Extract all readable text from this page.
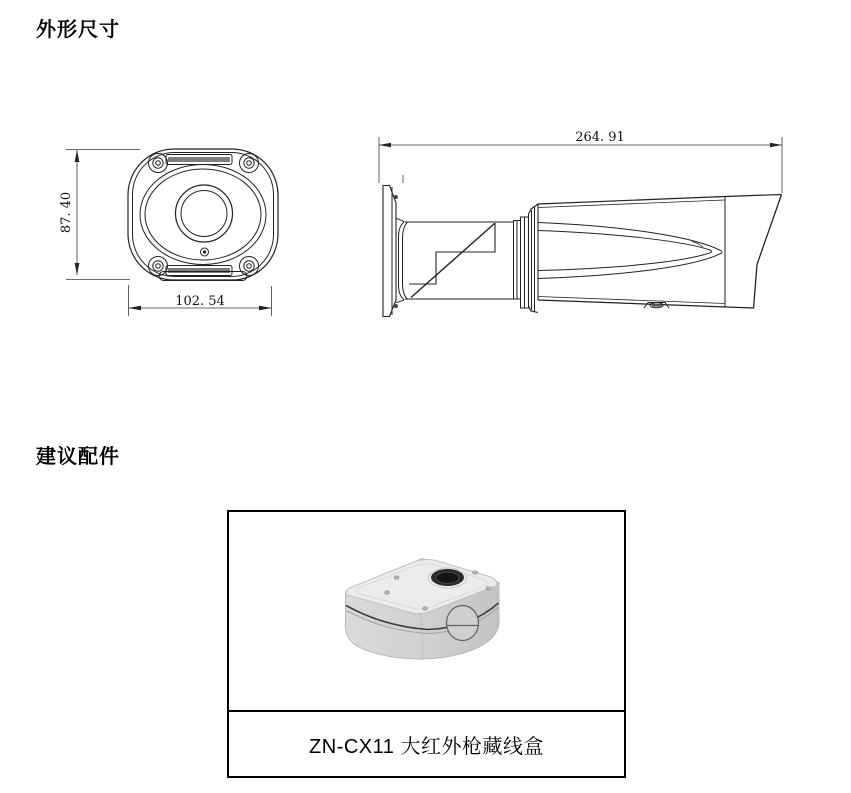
外形尺寸
87. 40
102. 54
264. 91
建议配件
ZN-CX11 大红外枪藏线盒
